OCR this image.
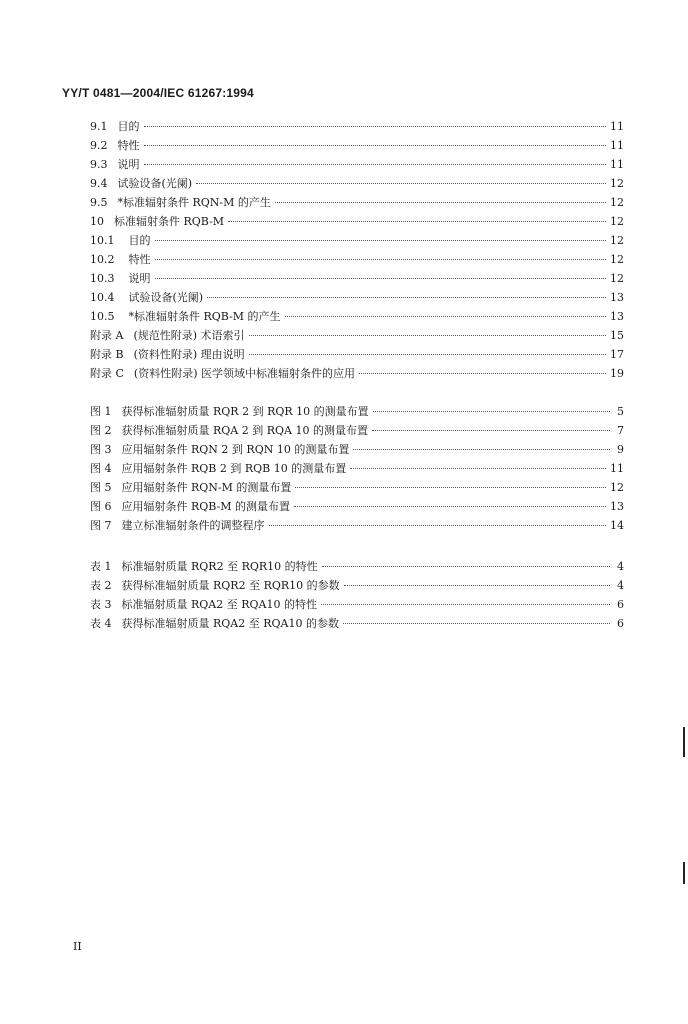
YY/T 0481—2004/IEC 61267:1994
9.1 目的	11
9.2 特性	11
9.3 说明	11
9.4 试验设备(光阑)	12
9.5 *标准辐射条件 RQN-M 的产生	12
10 标准辐射条件 RQB-M	12
10.1	目的	12
10.2	特性	12
10.3	说明	12
10.4	试验设备(光阑)	13
10.5	*标准辐射条件 RQB-M 的产生	13
附录 A (规范性附录) 术语索引	15
附录 B (资料性附录) 理由说明	17
附录 C (资料性附录) 医学领域中标准辐射条件的应用	19
图 1 获得标准辐射质量 RQR 2 到 RQR 10 的测量布置	5
图 2 获得标准辐射质量 RQA 2 到 RQA 10 的测量布置	7
图 3 应用辐射条件 RQN 2 到 RQN 10 的测量布置	9
图 4 应用辐射条件 RQB 2 到 RQB 10 的测量布置	11
图 5 应用辐射条件 RQN-M 的测量布置	12
图 6 应用辐射条件 RQB-M 的测量布置	13
图 7 建立标准辐射条件的调整程序	14
表 1 标准辐射质量 RQR2 至 RQR10 的特性	4
表 2 获得标准辐射质量 RQR2 至 RQR10 的参数	4
表 3 标准辐射质量 RQA2 至 RQA10 的特性	6
表 4 获得标准辐射质量 RQA2 至 RQA10 的参数	6
II
